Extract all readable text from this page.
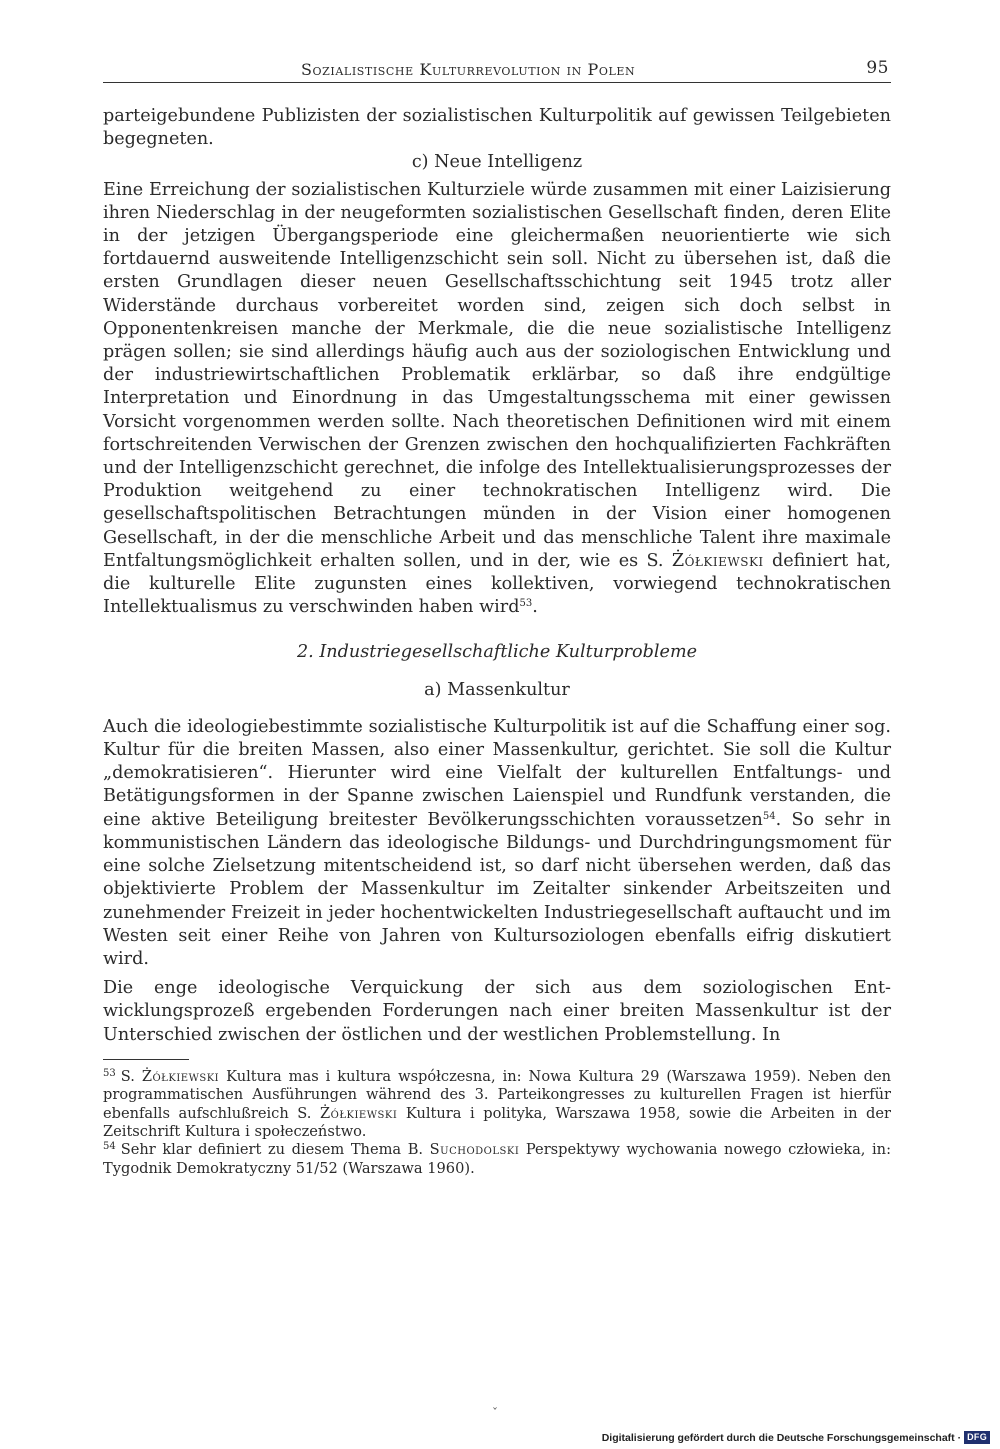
Sozialistische Kulturrevolution in Polen	95

parteigebundene Publizisten der sozialistischen Kulturpolitik auf gewissen Teilgebieten begegneten.

c) Neue Intelligenz

Eine Erreichung der sozialistischen Kulturziele würde zusammen mit einer Laizisierung ihren Niederschlag in der neugeformten sozialistischen Gesellschaft finden, deren Elite in der jetzigen Übergangsperiode eine gleichermaßen neuorientierte wie sich fortdauernd ausweitende Intelligenzschicht sein soll. Nicht zu übersehen ist, daß die ersten Grundlagen dieser neuen Gesellschaftsschichtung seit 1945 trotz aller Widerstände durchaus vorbereitet worden sind, zeigen sich doch selbst in Opponentenkreisen manche der Merkmale, die die neue sozialistische Intelligenz prägen sollen; sie sind allerdings häufig auch aus der soziologischen Entwicklung und der industriewirtschaftlichen Problematik erklärbar, so daß ihre endgültige Interpretation und Einordnung in das Umgestaltungsschema mit einer gewissen Vorsicht vorgenommen werden sollte. Nach theoretischen Definitionen wird mit einem fortschreitenden Verwischen der Grenzen zwischen den hochqualifizierten Fachkräften und der Intelligenzschicht gerechnet, die infolge des Intellektualisierungsprozesses der Produktion weitgehend zu einer technokratischen Intelligenz wird. Die gesellschaftspolitischen Betrachtungen münden in der Vision einer homogenen Gesellschaft, in der die menschliche Arbeit und das menschliche Talent ihre maximale Entfaltungsmöglichkeit erhalten sollen, und in der, wie es S. Żółkiewski definiert hat, die kulturelle Elite zugunsten eines kollektiven, vorwiegend technokratischen Intellektualismus zu verschwinden haben wird$^{53}$.

2. Industriegesellschaftliche Kulturprobleme
a) Massenkultur

Auch die ideologiebestimmte sozialistische Kulturpolitik ist auf die Schaffung einer sog. Kultur für die breiten Massen, also einer Massenkultur, gerichtet. Sie soll die Kultur „demokratisieren“. Hierunter wird eine Vielfalt der kulturellen Entfaltungs- und Betätigungsformen in der Spanne zwischen Laienspiel und Rundfunk verstanden, die eine aktive Beteiligung breitester Bevölkerungsschichten voraussetzen$^{54}$. So sehr in kommunistischen Ländern das ideologische Bildungs- und Durchdringungsmoment für eine solche Zielsetzung mitentscheidend ist, so darf nicht übersehen werden, daß das objektivierte Problem der Massenkultur im Zeitalter sinkender Arbeitszeiten und zunehmender Freizeit in jeder hochentwickelten Industriegesellschaft auftaucht und im Westen seit einer Reihe von Jahren von Kultursoziologen ebenfalls eifrig diskutiert wird.

Die enge ideologische Verquickung der sich aus dem soziologischen Entwicklungsprozeß ergebenden Forderungen nach einer breiten Massenkultur ist der Unterschied zwischen der östlichen und der westlichen Problemstellung. In

$^{53}$ S. Żółkiewski Kultura mas i kultura współczesna, in: Nowa Kultura 29 (Warszawa 1959). Neben den programmatischen Ausführungen während des 3. Parteikongresses zu kulturellen Fragen ist hierfür ebenfalls aufschlußreich S. Żółkiewski Kultura i polityka, Warszawa 1958, sowie die Arbeiten in der Zeitschrift Kultura i społeczeństwo.

$^{54}$ Sehr klar definiert zu diesem Thema B. Suchodolski Perspektywy wychowania nowego człowieka, in: Tygodnik Demokratyczny 51/52 (Warszawa 1960).

ˇ
Digitalisierung gefördert durch die Deutsche Forschungsgemeinschaft · DFG
